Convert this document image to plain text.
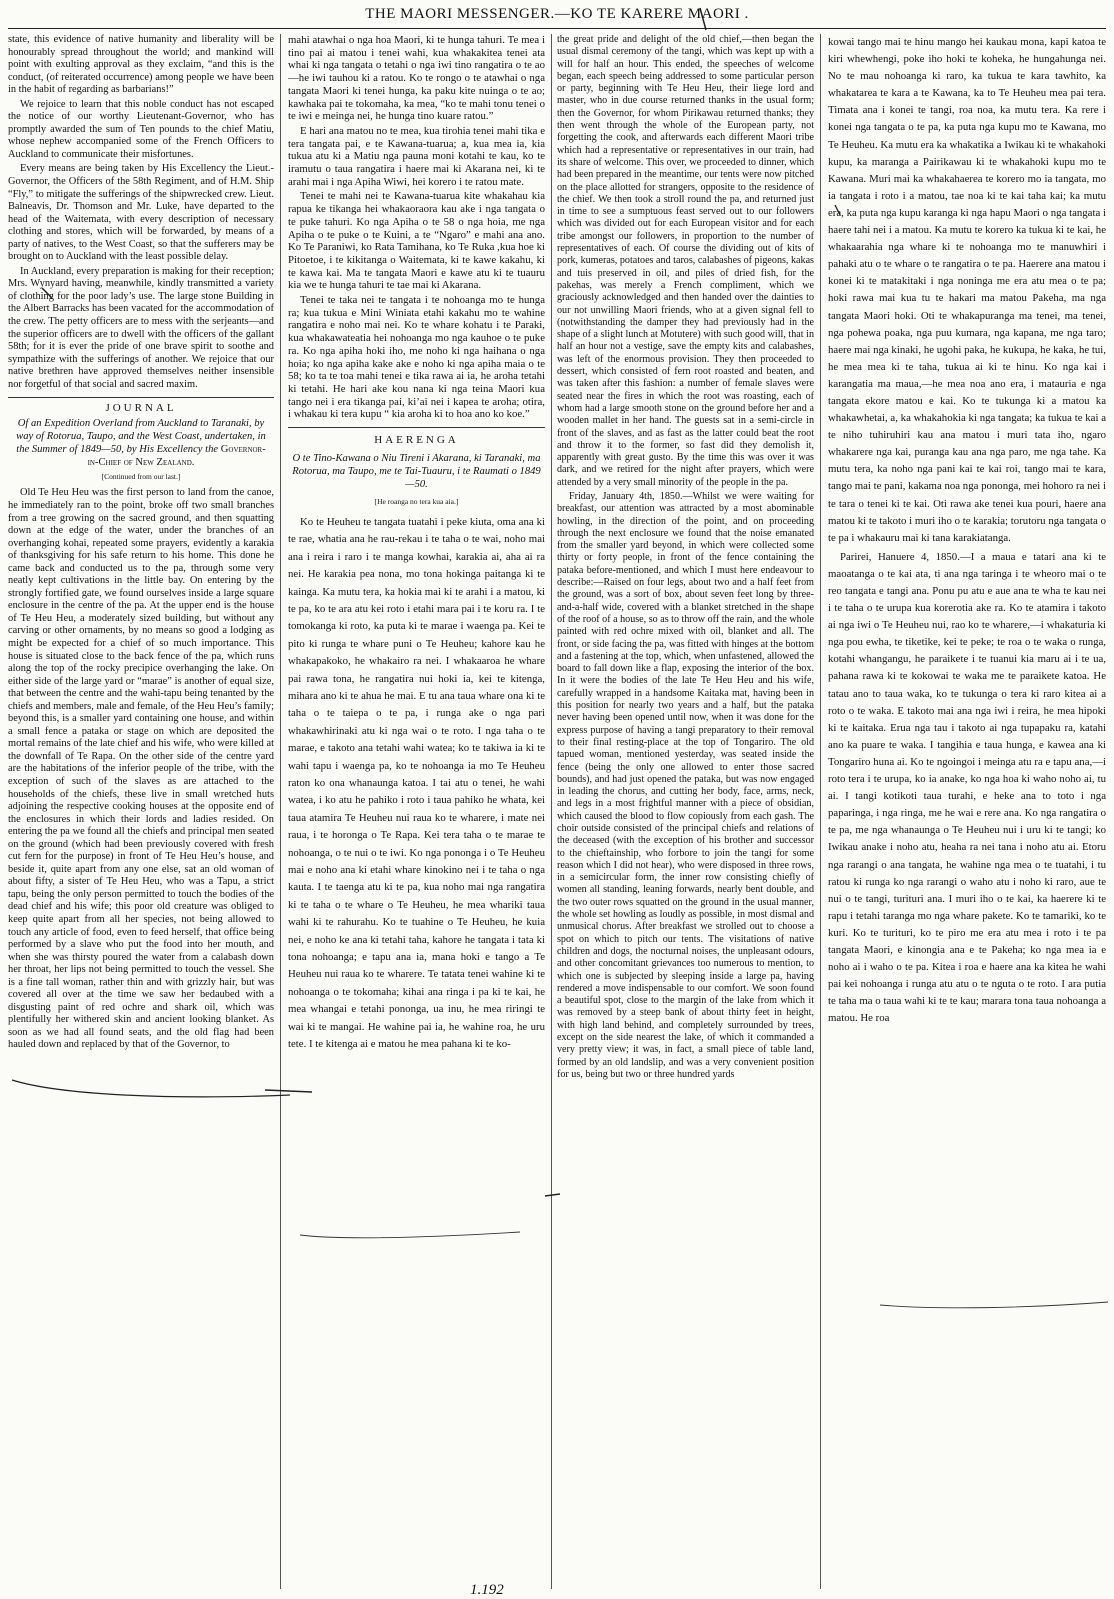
THE MAORI MESSENGER.—KO TE KARERE MAORI .

state, this evidence of native humanity and liberality will be honourably spread throughout the world; and mankind will point with exulting approval as they exclaim, “and this is the conduct, (of reiterated occurrence) among people we have been in the habit of regarding as barbarians!”

We rejoice to learn that this noble conduct has not escaped the notice of our worthy Lieutenant-Governor, who has promptly awarded the sum of Ten pounds to the chief Matiu, whose nephew accompanied some of the French Officers to Auckland to communicate their misfortunes.

Every means are being taken by His Excellency the Lieut.-Governor, the Officers of the 58th Regiment, and of H.M. Ship “Fly,” to mitigate the sufferings of the shipwrecked crew. Lieut. Balneavis, Dr. Thomson and Mr. Luke, have departed to the head of the Waitemata, with every description of necessary clothing and stores, which will be forwarded, by means of a party of natives, to the West Coast, so that the sufferers may be brought on to Auckland with the least possible delay.

In Auckland, every preparation is making for their reception; Mrs. Wynyard having, meanwhile, kindly transmitted a variety of clothing for the poor lady’s use. The large stone Building in the Albert Barracks has been vacated for the accommodation of the crew. The petty officers are to mess with the serjeants—and the superior officers are to dwell with the officers of the gallant 58th; for it is ever the pride of one brave spirit to soothe and sympathize with the sufferings of another. We rejoice that our native brethren have approved themselves neither insensible nor forgetful of that social and sacred maxim.

JOURNAL
Of an Expedition Overland from Auckland to Taranaki, by way of Rotorua, Taupo, and the West Coast, undertaken, in the Summer of 1849—50, by His Excellency the Governor-in-Chief of New Zealand.
[Continued from our last.]

Old Te Heu Heu was the first person to land from the canoe, he immediately ran to the point, broke off two small branches from a tree growing on the sacred ground, and then squatting down at the edge of the water, under the branches of an overhanging kohai, repeated some prayers, evidently a karakia of thanksgiving for his safe return to his home. This done he came back and conducted us to the pa, through some very neatly kept cultivations in the little bay. On entering by the strongly fortified gate, we found ourselves inside a large square enclosure in the centre of the pa. At the upper end is the house of Te Heu Heu, a moderately sized building, but without any carving or other ornaments, by no means so good a lodging as might be expected for a chief of so much importance. This house is situated close to the back fence of the pa, which runs along the top of the rocky precipice overhanging the lake. On either side of the large yard or “marae” is another of equal size, that between the centre and the wahi-tapu being tenanted by the chiefs and members, male and female, of the Heu Heu’s family; beyond this, is a smaller yard containing one house, and within a small fence a pataka or stage on which are deposited the mortal remains of the late chief and his wife, who were killed at the downfall of Te Rapa. On the other side of the centre yard are the habitations of the inferior people of the tribe, with the exception of such of the slaves as are attached to the households of the chiefs, these live in small wretched huts adjoining the respective cooking houses at the opposite end of the enclosures in which their lords and ladies resided. On entering the pa we found all the chiefs and principal men seated on the ground (which had been previously covered with fresh cut fern for the purpose) in front of Te Heu Heu’s house, and beside it, quite apart from any one else, sat an old woman of about fifty, a sister of Te Heu Heu, who was a Tapu, a strict tapu, being the only person permitted to touch the bodies of the dead chief and his wife; this poor old creature was obliged to keep quite apart from all her species, not being allowed to touch any article of food, even to feed herself, that office being performed by a slave who put the food into her mouth, and when she was thirsty poured the water from a calabash down her throat, her lips not being permitted to touch the vessel. She is a fine tall woman, rather thin and with grizzly hair, but was covered all over at the time we saw her bedaubed with a disgusting paint of red ochre and shark oil, which was plentifully her withered skin and ancient looking blanket. As soon as we had all found seats, and the old flag had been hauled down and replaced by that of the Governor, to

mahi atawhai o nga hoa Maori, ki te hunga tahuri. Te mea i tino pai ai matou i tenei wahi, kua whakakitea tenei ata whai ki nga tangata o tetahi o nga iwi tino rangatira o te ao—he iwi tauhou ki a ratou. Ko te rongo o te atawhai o nga tangata Maori ki tenei hunga, ka paku kite nuinga o te ao; kawhaka pai te tokomaha, ka mea, “ko te mahi tonu tenei o te iwi e meinga nei, he hunga tino kuare ratou.”

E hari ana matou no te mea, kua tirohia tenei mahi tika e tera tangata pai, e te Kawana-tuarua; a, kua mea ia, kia tukua atu ki a Matiu nga pauna moni kotahi te kau, ko te iramutu o taua rangatira i haere mai ki Akarana nei, ki te arahi mai i nga Apiha Wiwi, hei korero i te ratou mate.

Tenei te mahi nei te Kawana-tuarua kite whakahau kia rapua ke tikanga hei whakaoraora kau ake i nga tangata o te puke tahuri. Ko nga Apiha o te 58 o nga hoia, me nga Apiha o te puke o te Kuini, a te “Ngaro” e mahi ana ano. Ko Te Paraniwi, ko Rata Tamihana, ko Te Ruka ,kua hoe ki Pitoetoe, i te kikitanga o Waitemata, ki te kawe kakahu, ki te kawa kai. Ma te tangata Maori e kawe atu ki te tuauru kia we te hunga tahuri te tae mai ki Akarana.

Tenei te taka nei te tangata i te nohoanga mo te hunga ra; kua tukua e Mini Winiata etahi kakahu mo te wahine rangatira e noho mai nei. Ko te whare kohatu i te Paraki, kua whakawateatia hei nohoanga mo nga kauhoe o te puke ra. Ko nga apiha hoki iho, me noho ki nga haihana o nga hoia; ko nga apiha kake ake e noho ki nga apiha maia o te 58; ko ta te toa mahi tenei e tika rawa ai ia, he aroha tetahi ki tetahi. He hari ake kou nana ki nga teina Maori kua tango nei i era tikanga pai, ki’ai nei i kapea te aroha; otira, i whakau ki tera kupu “ kia aroha ki to hoa ano ko koe.”

HAERENGA
O te Tino-Kawana o Niu Tireni i Akarana, ki Taranaki, ma Rotorua, ma Taupo, me te Tai-Tuauru, i te Raumati o 1849—50.
[He roanga no tera kua aia.]

Ko te Heuheu te tangata tuatahi i peke kiuta, oma ana ki te rae, whatia ana he rau-rekau i te taha o te wai, noho mai ana i reira i raro i te manga kowhai, karakia ai, aha ai ra nei. He karakia pea nona, mo tona hokinga paitanga ki te kainga. Ka mutu tera, ka hokia mai ki te arahi i a matou, ki te pa, ko te ara atu kei roto i etahi mara pai i te koru ra. I te tomokanga ki roto, ka puta ki te marae i waenga pa. Kei te pito ki runga te whare puni o Te Heuheu; kahore kau he whakapakoko, he whakairo ra nei. I whakaaroa he whare pai rawa tona, he rangatira nui hoki ia, kei te kitenga, mihara ano ki te ahua he mai. E tu ana taua whare ona ki te taha o te taiepa o te pa, i runga ake o nga pari whakawhirinaki atu ki nga wai o te roto. I nga taha o te marae, e takoto ana tetahi wahi watea; ko te takiwa ia ki te wahi tapu i waenga pa, ko te nohoanga ia mo Te Heuheu raton ko ona whanaunga katoa. I tai atu o tenei, he wahi watea, i ko atu he pahiko i roto i taua pahiko he whata, kei taua atamira Te Heuheu nui raua ko te wharere, i mate nei raua, i te horonga o Te Rapa. Kei tera taha o te marae te nohoanga, o te nui o te iwi. Ko nga pononga i o Te Heuheu mai e noho ana ki etahi whare kinokino nei i te taha o nga kauta. I te taenga atu ki te pa, kua noho mai nga rangatira ki te taha o te whare o Te Heuheu, he mea whariki taua wahi ki te rahurahu. Ko te tuahine o Te Heuheu, he kuia nei, e noho ke ana ki tetahi taha, kahore he tangata i tata ki tona nohoanga; e tapu ana ia, mana hoki e tango a Te Heuheu nui raua ko te wharere. Te tatata tenei wahine ki te nohoanga o te tokomaha; kihai ana ringa i pa ki te kai, he mea whangai e tetahi pononga, ua inu, he mea riringi te wai ki te mangai. He wahine pai ia, he wahine roa, he uru tete. I te kitenga ai e matou he mea pahana ki te ko-

the great pride and delight of the old chief,—then began the usual dismal ceremony of the tangi, which was kept up with a will for half an hour. This ended, the speeches of welcome began, each speech being addressed to some particular person or party, beginning with Te Heu Heu, their liege lord and master, who in due course returned thanks in the usual form; then the Governor, for whom Pirikawau returned thanks; they then went through the whole of the European party, not forgetting the cook, and afterwards each different Maori tribe which had a representative or representatives in our train, had its share of welcome. This over, we proceeded to dinner, which had been prepared in the meantime, our tents were now pitched on the place allotted for strangers, opposite to the residence of the chief. We then took a stroll round the pa, and returned just in time to see a sumptuous feast served out to our followers which was divided out for each European visitor and for each tribe amongst our followers, in proportion to the number of representatives of each. Of course the dividing out of kits of pork, kumeras, potatoes and taros, calabashes of pigeons, kakas and tuis preserved in oil, and piles of dried fish, for the pakehas, was merely a French compliment, which we graciously acknowledged and then handed over the dainties to our not unwilling Maori friends, who at a given signal fell to (notwithstanding the damper they had previously had in the shape of a slight lunch at Motutere) with such good will, that in half an hour not a vestige, save the empty kits and calabashes, was left of the enormous provision. They then proceeded to dessert, which consisted of fern root roasted and beaten, and was taken after this fashion: a number of female slaves were seated near the fires in which the root was roasting, each of whom had a large smooth stone on the ground before her and a wooden mallet in her hand. The guests sat in a semi-circle in front of the slaves, and as fast as the latter could beat the root and throw it to the former, so fast did they demolish it, apparently with great gusto. By the time this was over it was dark, and we retired for the night after prayers, which were attended by a very small minority of the people in the pa.

Friday, January 4th, 1850.—Whilst we were waiting for breakfast, our attention was attracted by a most abominable howling, in the direction of the point, and on proceeding through the next enclosure we found that the noise emanated from the smaller yard beyond, in which were collected some thirty or forty people, in front of the fence containing the pataka before-mentioned, and which I must here endeavour to describe:—Raised on four legs, about two and a half feet from the ground, was a sort of box, about seven feet long by three-and-a-half wide, covered with a blanket stretched in the shape of the roof of a house, so as to throw off the rain, and the whole painted with red ochre mixed with oil, blanket and all. The front, or side facing the pa, was fitted with hinges at the bottom and a fastening at the top, which, when unfastened, allowed the board to fall down like a flap, exposing the interior of the box. In it were the bodies of the late Te Heu Heu and his wife, carefully wrapped in a handsome Kaitaka mat, having been in this position for nearly two years and a half, but the pataka never having been opened until now, when it was done for the express purpose of having a tangi preparatory to their removal to their final resting-place at the top of Tongariro. The old tapued woman, mentioned yesterday, was seated inside the fence (being the only one allowed to enter those sacred bounds), and had just opened the pataka, but was now engaged in leading the chorus, and cutting her body, face, arms, neck, and legs in a most frightful manner with a piece of obsidian, which caused the blood to flow copiously from each gash. The choir outside consisted of the principal chiefs and relations of the deceased (with the exception of his brother and successor to the chieftainship, who forbore to join the tangi for some reason which I did not hear), who were disposed in three rows, in a semicircular form, the inner row consisting chiefly of women all standing, leaning forwards, nearly bent double, and the two outer rows squatted on the ground in the usual manner, the whole set howling as loudly as possible, in most dismal and unmusical chorus. After breakfast we strolled out to choose a spot on which to pitch our tents. The visitations of native children and dogs, the nocturnal noises, the unpleasant odours, and other concomitant grievances too numerous to mention, to which one is subjected by sleeping inside a large pa, having rendered a move indispensable to our comfort. We soon found a beautiful spot, close to the margin of the lake from which it was removed by a steep bank of about thirty feet in height, with high land behind, and completely surrounded by trees, except on the side nearest the lake, of which it commanded a very pretty view; it was, in fact, a small piece of table land, formed by an old landslip, and was a very convenient position for us, being but two or three hundred yards

kowai tango mai te hinu mango hei kaukau mona, kapi katoa te kiri whewhengi, poke iho hoki te koheka, he hungahunga nei. No te mau nohoanga ki raro, ka tukua te kara tawhito, ka whakatarea te kara a te Kawana, ka to Te Heuheu mea pai tera. Timata ana i konei te tangi, roa noa, ka mutu tera. Ka rere i konei nga tangata o te pa, ka puta nga kupu mo te Kawana, mo Te Heuheu. Ka mutu era ka whakatika a Iwikau ki te whakahoki kupu, ka maranga a Pairikawau ki te whakahoki kupu mo te Kawana. Muri mai ka whakahaerea te korero mo ia tangata, mo ia tangata i roto i a matou, tae noa ki te kai taha kai; ka mutu era, ka puta nga kupu karanga ki nga hapu Maori o nga tangata i haere tahi nei i a matou. Ka mutu te korero ka tukua ki te kai, he whakaarahia nga whare ki te nohoanga mo te manuwhiri i pahaki atu o te whare o te rangatira o te pa. Haerere ana matou i konei ki te matakitaki i nga noninga me era atu mea o te pa; hoki rawa mai kua tu te hakari ma matou Pakeha, ma nga tangata Maori hoki. Oti te whakapuranga ma tenei, ma tenei, nga pohewa poaka, nga puu kumara, nga kapana, me nga taro; haere mai nga kinaki, he ugohi paka, he kukupa, he kaka, he tui, he mea mea ki te taha, tukua ai ki te hinu. Ko nga kai i karangatia ma maua,—he mea noa ano era, i matauria e nga tangata ekore matou e kai. Ko te tukunga ki a matou ka whakawhetai, a, ka whakahokia ki nga tangata; ka tukua te kai a te niho tuhiruhiri kau ana matou i muri tata iho, ngaro whakarere nga kai, puranga kau ana nga paro, me nga tahe. Ka mutu tera, ka noho nga pani kai te kai roi, tango mai te kara, tango mai te pani, kakama noa nga pononga, mei hohoro ra nei i te tara o tenei ki te kai. Oti rawa ake tenei kua pouri, haere ana matou ki te takoto i muri iho o te karakia; torutoru nga tangata o te pa i whakauru mai ki tana karakiatanga.

Parirei, Hanuere 4, 1850.—I a maua e tatari ana ki te maoatanga o te kai ata, ti ana nga taringa i te wheoro mai o te reo tangata e tangi ana. Ponu pu atu e aue ana te wha te kau nei i te taha o te urupa kua korerotia ake ra. Ko te atamira i takoto ai nga iwi o Te Heuheu nui, rao ko te wharere,—i whakaturia ki nga pou ewha, te tiketike, kei te peke; te roa o te waka o runga, kotahi whangangu, he paraikete i te tuanui kia maru ai i te ua, pahana rawa ki te kokowai te waka me te paraikete katoa. He tatau ano to taua waka, ko te tukunga o tera ki raro kitea ai a roto o te waka. E takoto mai ana nga iwi i reira, he mea hipoki ki te kaitaka. Erua nga tau i takoto ai nga tupapaku ra, katahi ano ka puare te waka. I tangihia e taua hunga, e kawea ana ki Tongariro huna ai. Ko te ngoingoi i meinga atu ra e tapu ana,—i roto tera i te urupa, ko ia anake, ko nga hoa ki waho noho ai, tu ai. I tangi kotikoti taua turahi, e heke ana to toto i nga paparinga, i nga ringa, me he wai e rere ana. Ko nga rangatira o te pa, me nga whanaunga o Te Heuheu nui i uru ki te tangi; ko Iwikau anake i noho atu, heaha ra nei tana i noho atu ai. Etoru nga rarangi o ana tangata, he wahine nga mea o te tuatahi, i tu ratou ki runga ko nga rarangi o waho atu i noho ki raro, aue te nui o te tangi, turituri ana. I muri iho o te kai, ka haerere ki te rapu i tetahi taranga mo nga whare pakete. Ko te tamariki, ko te kuri. Ko te turituri, ko te piro me era atu mea i roto i te pa tangata Maori, e kinongia ana e te Pakeha; ko nga mea ia e noho ai i waho o te pa. Kitea i roa e haere ana ka kitea he wahi pai kei nohoanga i runga atu atu o te nguta o te roto. I ara putia te taha ma o taua wahi ki te te kau; marara tona taua nohoanga a matou. He roa

1.192
